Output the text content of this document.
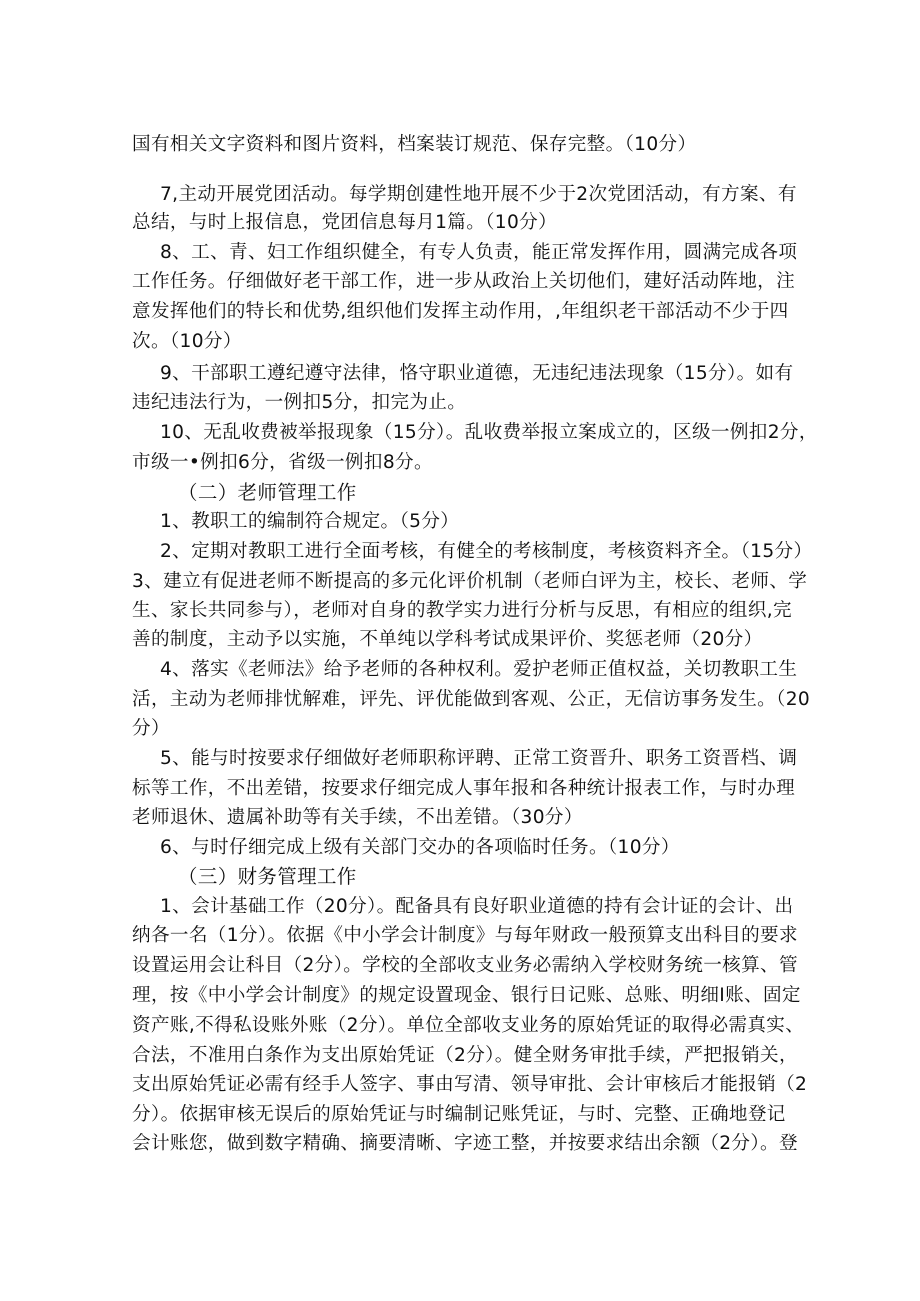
国有相关文字资料和图片资料，档案装订规范、保存完整。（10分）
7,主动开展党团活动。每学期创建性地开展不少于2次党团活动，有方案、有
总结，与时上报信息，党团信息每月1篇。（10分）
8、工、青、妇工作组织健全，有专人负责，能正常发挥作用，圆满完成各项
工作任务。仔细做好老干部工作，进一步从政治上关切他们，建好活动阵地，注
意发挥他们的特长和优势,组织他们发挥主动作用，,年组织老干部活动不少于四
次。（10分）
9、干部职工遵纪遵守法律，恪守职业道德，无违纪违法现象（15分）。如有
违纪违法行为，一例扣5分，扣完为止。
10、无乱收费被举报现象（15分）。乱收费举报立案成立的，区级一例扣2分，
市级一•例扣6分，省级一例扣8分。
（二）老师管理工作
1、教职工的编制符合规定。（5分）
2、定期对教职工进行全面考核，有健全的考核制度，考核资料齐全。（15分）
3、建立有促进老师不断提高的多元化评价机制（老师白评为主，校长、老师、学
生、家长共同参与），老师对自身的教学实力进行分析与反思，有相应的组织,完
善的制度，主动予以实施，不单纯以学科考试成果评价、奖惩老师（20分）
4、落实《老师法》给予老师的各种权利。爱护老师正值权益，关切教职工生
活，主动为老师排忧解难，评先、评优能做到客观、公正，无信访事务发生。（20
分）
5、能与时按要求仔细做好老师职称评聘、正常工资晋升、职务工资晋档、调
标等工作，不出差错，按要求仔细完成人事年报和各种统计报表工作，与时办理
老师退休、遗属补助等有关手续，不出差错。（30分）
6、与时仔细完成上级有关部门交办的各项临时任务。（10分）
（三）财务管理工作
1、会计基础工作（20分）。配备具有良好职业道德的持有会计证的会计、出
纳各一名（1分）。依据《中小学会计制度》与每年财政一般预算支出科目的要求
设置运用会让科目（2分）。学校的全部收支业务必需纳入学校财务统一核算、管
理，按《中小学会计制度》的规定设置现金、银行日记账、总账、明细I账、固定
资产账,不得私设账外账（2分）。单位全部收支业务的原始凭证的取得必需真实、
合法，不准用白条作为支出原始凭证（2分）。健全财务审批手续，严把报销关，
支出原始凭证必需有经手人签字、事由写清、领导审批、会计审核后才能报销（2
分）。依据审核无误后的原始凭证与时编制记账凭证，与时、完整、正确地登记
会计账您，做到数字精确、摘要清晰、字迹工整，并按要求结出余额（2分）。登
